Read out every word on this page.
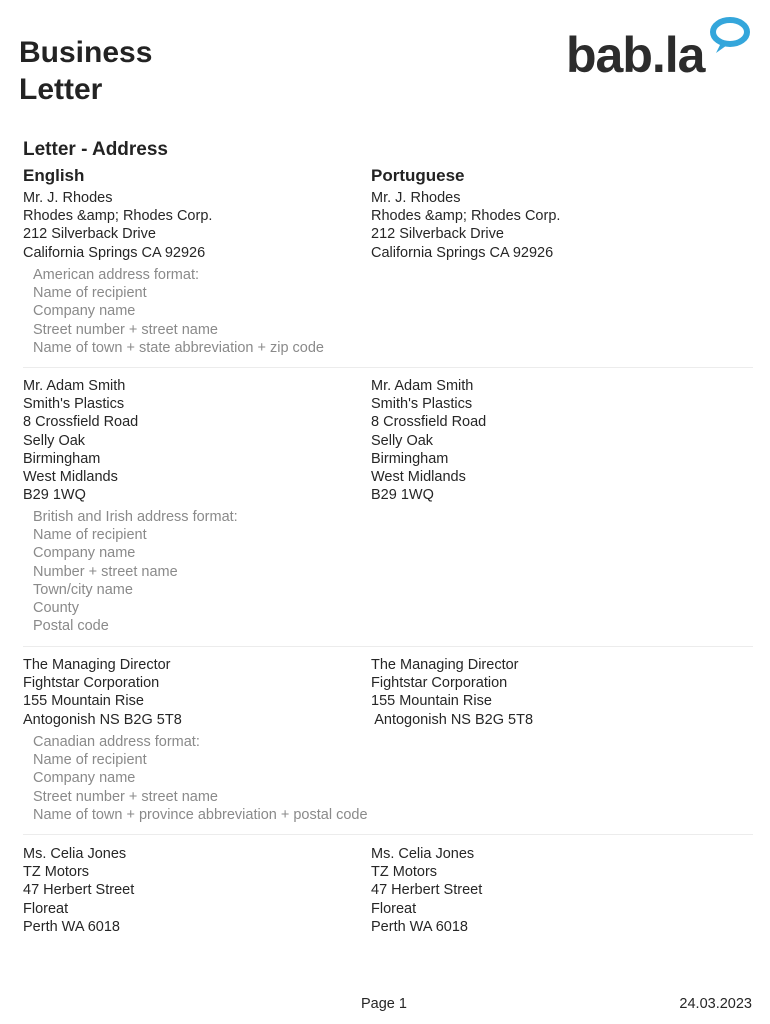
Business
Letter
bab.la
Letter - Address
English	Portuguese
Mr. J. Rhodes
Rhodes &amp; Rhodes Corp.
212 Silverback Drive
California Springs CA 92926
Mr. J. Rhodes
Rhodes &amp; Rhodes Corp.
212 Silverback Drive
California Springs CA 92926
American address format:
Name of recipient
Company name
Street number + street name
Name of town + state abbreviation + zip code
Mr. Adam Smith
Smith's Plastics
8 Crossfield Road
Selly Oak
Birmingham
West Midlands
B29 1WQ
Mr. Adam Smith
Smith's Plastics
8 Crossfield Road
Selly Oak
Birmingham
West Midlands
B29 1WQ
British and Irish address format:
Name of recipient
Company name
Number + street name
Town/city name
County
Postal code
The Managing Director
Fightstar Corporation
155 Mountain Rise
Antogonish NS B2G 5T8
The Managing Director
Fightstar Corporation
155 Mountain Rise
Antogonish NS B2G 5T8
Canadian address format:
Name of recipient
Company name
Street number + street name
Name of town + province abbreviation + postal code
Ms. Celia Jones
TZ Motors
47 Herbert Street
Floreat
Perth WA 6018
Ms. Celia Jones
TZ Motors
47 Herbert Street
Floreat
Perth WA 6018
Page 1	24.03.2023
